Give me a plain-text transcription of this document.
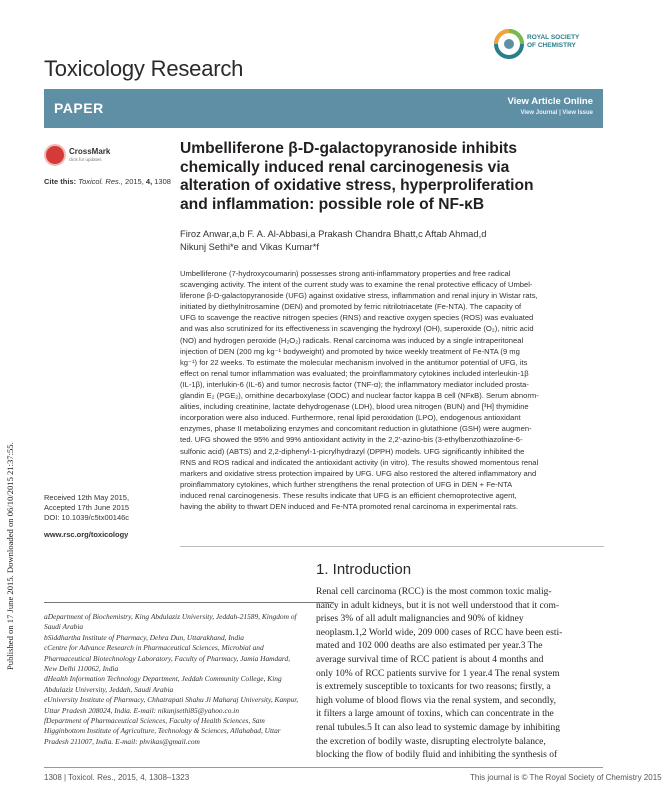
Published on 17 June 2015. Downloaded on 06/10/2015 21:37:55.
Toxicology Research
ROYAL SOCIETY
OF CHEMISTRY
PAPER	View Article Online
View Journal | View Issue
CrossMark
click for updates
Cite this: Toxicol. Res., 2015, 4, 1308
Umbelliferone β-D-galactopyranoside inhibits
chemically induced renal carcinogenesis via
alteration of oxidative stress, hyperproliferation
and inflammation: possible role of NF-κB
Firoz Anwar,a,b F. A. Al-Abbasi,a Prakash Chandra Bhatt,c Aftab Ahmad,d
Nikunj Sethi*e and Vikas Kumar*f
Umbelliferone (7-hydroxycoumarin) possesses strong anti-inflammatory properties and free radical
scavenging activity. The intent of the current study was to examine the renal protective efficacy of Umbel-
liferone β-D-galactopyranoside (UFG) against oxidative stress, inflammation and renal injury in Wistar rats,
initiated by diethylnitrosamine (DEN) and promoted by ferric nitrilotriacetate (Fe-NTA). The capacity of
UFG to scavenge the reactive nitrogen species (RNS) and reactive oxygen species (ROS) was evaluated
and was also scrutinized for its effectiveness in scavenging the hydroxyl (OH), superoxide (O₂), nitric acid
(NO) and hydrogen peroxide (H₂O₂) radicals. Renal carcinoma was induced by a single intraperitoneal
injection of DEN (200 mg kg⁻¹ bodyweight) and promoted by twice weekly treatment of Fe-NTA (9 mg
kg⁻¹) for 22 weeks. To estimate the molecular mechanism involved in the antitumor potential of UFG, its
effect on renal tumor inflammation was evaluated; the proinflammatory cytokines included interleukin-1β
(IL-1β), interlukin-6 (IL-6) and tumor necrosis factor (TNF-α); the inflammatory mediator included prosta-
glandin E₂ (PGE₂), ornithine decarboxylase (ODC) and nuclear factor kappa B cell (NFκB). Serum abnorm-
alities, including creatinine, lactate dehydrogenase (LDH), blood urea nitrogen (BUN) and [³H] thymidine
incorporation were also induced. Furthermore, renal lipid peroxidation (LPO), endogenous antioxidant
enzymes, phase II metabolizing enzymes and concomitant reduction in glutathione (GSH) were augmen-
ted. UFG showed the 95% and 99% antioxidant activity in the 2,2′-azino-bis (3-ethylbenzothiazoline-6-
sulfonic acid) (ABTS) and 2,2-diphenyl-1-picrylhydrazyl (DPPH) models. UFG significantly inhibited the
RNS and ROS radical and indicated the antioxidant activity (in vitro). The results showed momentous renal
markers and oxidative stress protection impaired by UFG. UFG also restored the altered inflammatory and
proinflammatory cytokines, which further strengthens the renal protection of UFG in DEN + Fe-NTA
induced renal carcinogenesis. These results indicate that UFG is an efficient chemoprotective agent,
having the ability to thwart DEN induced and Fe-NTA promoted renal carcinoma in experimental rats.
Received 12th May 2015,
Accepted 17th June 2015
DOI: 10.1039/c5tx00146c
www.rsc.org/toxicology
aDepartment of Biochemistry, King Abdulaziz University, Jeddah-21589, Kingdom of
Saudi Arabia
bSiddhartha Institute of Pharmacy, Dehra Dun, Uttarakhand, India
cCentre for Advance Research in Pharmaceutical Sciences, Microbial and
Pharmaceutical Biotechnology Laboratory, Faculty of Pharmacy, Jamia Hamdard,
New Delhi 110062, India
dHealth Information Technology Department, Jeddah Community College, King
Abdulaziz University, Jeddah, Saudi Arabia
eUniversity Institute of Pharmacy, Chhatrapati Shahu Ji Maharaj University, Kanpur,
Uttar Pradesh 208024, India. E-mail: nikunjsethi85@yahoo.co.in
fDepartment of Pharmaceutical Sciences, Faculty of Health Sciences, Sam
Higginbottom Institute of Agriculture, Technology & Sciences, Allahabad, Uttar
Pradesh 211007, India. E-mail: phvikas@gmail.com
1. Introduction
Renal cell carcinoma (RCC) is the most common toxic malig-
nancy in adult kidneys, but it is not well understood that it com-
prises 3% of all adult malignancies and 90% of kidney
neoplasm.1,2 World wide, 209 000 cases of RCC have been esti-
mated and 102 000 deaths are also estimated per year.3 The
average survival time of RCC patient is about 4 months and
only 10% of RCC patients survive for 1 year.4 The renal system
is extremely susceptible to toxicants for two reasons; firstly, a
high volume of blood flows via the renal system, and secondly,
it filters a large amount of toxins, which can concentrate in the
renal tubules.5 It can also lead to systemic damage by inhibiting
the excretion of bodily waste, disrupting electrolyte balance,
blocking the flow of bodily fluid and inhibiting the synthesis of
1308 | Toxicol. Res., 2015, 4, 1308–1323	This journal is © The Royal Society of Chemistry 2015
